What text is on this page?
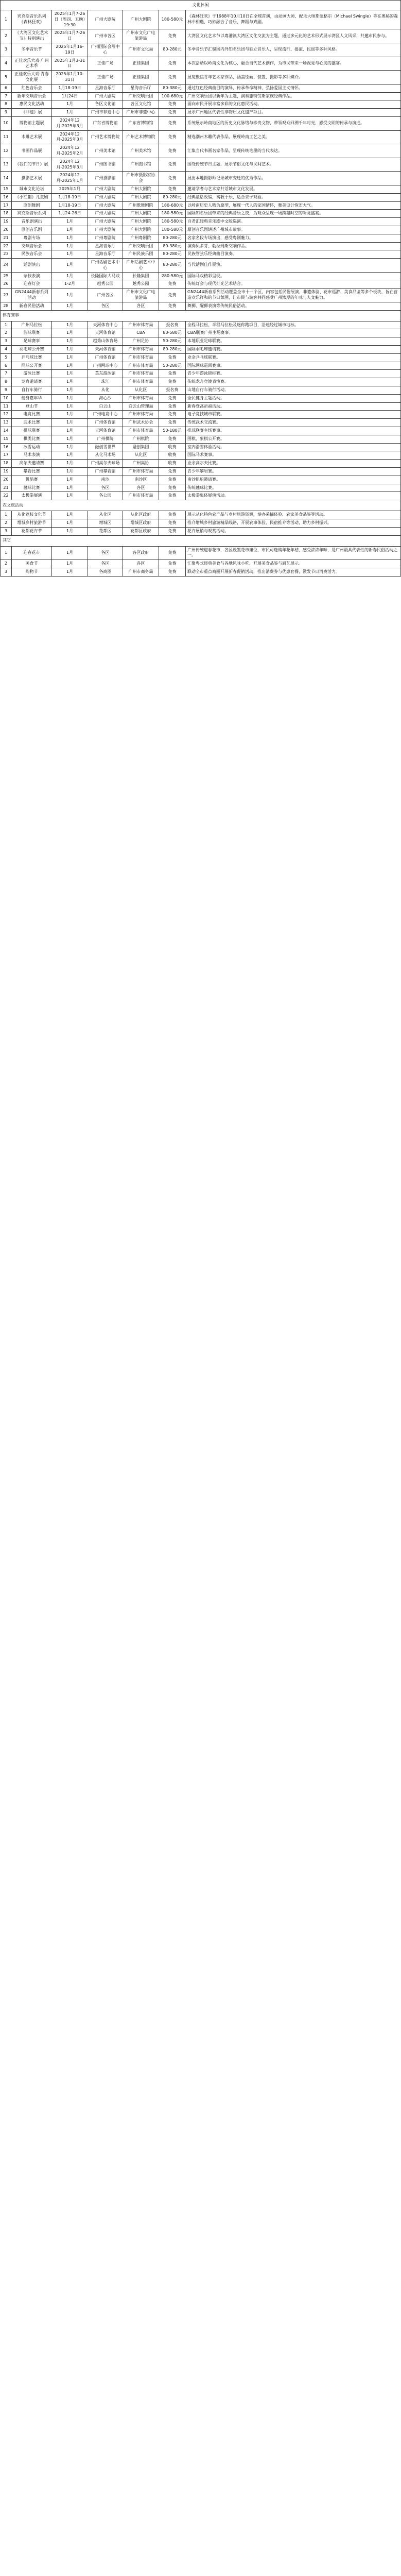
文化休闲						
1	宾克斯音乐系列《森林狂欢》	2025年1月7-26日（周四、五晚）19:30	广州大剧院	广州大剧院	180-580元	《森林狂欢》于1988年10月10日在全球首演，由动画大师、配乐大师斯温格尔（Michael Swingle）等在奥秘的森林中相遇，巧妙融合了音乐、舞蹈与戏剧。
2	《大湾区文化艺术节》特别演出	2025年1月7-26日	广州市各区	广州市文化广电旅游局	免费	大湾区文化艺术节以粤港澳大湾区文化交流为主题，通过多元化的艺术形式展示湾区人文风采，共邀市民参与。
3	冬季音乐节	2025年1月16-19日	广州国际会展中心	广州市文化局	80-280元	冬季音乐节汇聚国内外知名乐团与独立音乐人，呈现流行、摇滚、民谣等多种风格。
4	正佳欢乐大戏·广州艺术季	2025年1月3-31日	正佳广场	正佳集团	免费	本次活动以岭南文化为核心，融合当代艺术创作，为市民带来一场视觉与心灵的盛宴。
5	正佳欢乐大戏·青春文化展	2025年1月10-31日	正佳广场	正佳集团	免费	展览聚焦青年艺术家作品，涵盖绘画、装置、摄影等多种媒介。
6	红色音乐会	1月18-19日	星海音乐厅	星海音乐厅	80-380元	通过红色经典曲目的演绎，传承革命精神，弘扬爱国主义情怀。
7	新年交响音乐会	1月24日	广州大剧院	广州交响乐团	100-680元	广州交响乐团以新年为主题，演奏施特劳斯家族经典作品。
8	惠民文化活动	1月	各区文化馆	各区文化馆	免费	面向市民开展丰富多彩的文化惠民活动。
9	《非遗》展	1月	广州市非遗中心	广州市非遗中心	免费	展示广州地区代表性非物质文化遗产项目。
10	博物馆主题展	2024年12月-2025年3月	广东省博物馆	广东省博物馆	免费	系统展示岭南地区的历史文化脉络与珍贵文物，带领观众回溯千年时光，感受文明的传承与演进。
11	木雕艺术展	2024年12月-2025年3月	广州艺术博物院	广州艺术博物院	免费	精选潮州木雕代表作品，展现岭南工艺之美。
12	书画作品展	2024年12月-2025年2月	广州美术馆	广州美术馆	免费	汇集当代书画名家作品，呈现传统笔墨的当代表达。
13	《我们的节日》展	2024年12月-2025年3月	广州图书馆	广州图书馆	免费	围绕传统节日主题，展示节俗文化与民间艺术。
14	摄影艺术展	2024年12月-2025年1月	广州摄影馆	广州市摄影家协会	免费	展出本地摄影师记录城市变迁的优秀作品。
15	城市文化论坛	2025年1月	广州大剧院	广州大剧院	免费	邀请学者与艺术家共话城市文化发展。
16	《小红帽》儿童剧	1月18-19日	广州大剧院	广州大剧院	80-280元	经典童话改编，寓教于乐，适合亲子观看。
17	原创舞剧	1月18-19日	广州大剧院	广州歌舞剧院	180-680元	以岭南历史人物为原型，展现一代人的家国情怀，舞美设计恢宏大气。
18	宾克斯音乐系列	1月24-26日	广州大剧院	广州大剧院	180-580元	国际知名乐团带来的经典音乐之夜，为观众呈现一场跨越时空的听觉盛宴。
19	音乐剧演出	1月	广州大剧院	广州大剧院	180-580元	百老汇经典音乐剧中文版巡演。
20	原创音乐剧	1月	广州大剧院	广州大剧院	180-580元	原创音乐剧讲述广州城市故事。
21	粤剧专场	1月	广州粤剧院	广州粤剧院	80-280元	名家名段专场演出，感受粤剧魅力。
22	交响音乐会	1月	星海音乐厅	广州交响乐团	80-380元	演奏贝多芬、勃拉姆斯交响作品。
23	民族音乐会	1月	星海音乐厅	广州民族乐团	80-280元	民族管弦乐经典曲目演奏。
24	话剧演出	1月	广州话剧艺术中心	广州话剧艺术中心	80-280元	当代话剧佳作展演。
25	杂技表演	1月	长隆国际大马戏	长隆集团	280-580元	国际马戏精彩呈现。
26	迎春灯会	1-2月	越秀公园	越秀公园	免费	传统灯会与现代灯光艺术结合。
27	GN2444新春系列活动	1月	广州各区	广州市文化广电旅游局	免费	GN2444新春系列活动覆盖全市十一个区，内容包括民俗展演、非遗体验、花市巡游、美食品鉴等多个板块，旨在营造欢乐祥和的节日氛围，让市民与游客共同感受广州浓厚的年味与人文魅力。
28	新春民俗活动	1月	各区	各区	免费	舞狮、醒狮表演等传统民俗活动。
体育赛事						
1	广州马拉松	1月	天河体育中心	广州市体育局	报名费	全程马拉松、半程马拉松及迷你跑项目，沿途经过城市地标。
2	篮球联赛	1月	天河体育馆	CBA	80-580元	CBA联赛广州主场赛事。
3	足球赛事	1月	越秀山体育场	广州足协	50-280元	本地职业足球联赛。
4	羽毛球公开赛	1月	天河体育馆	广州市体育局	80-280元	国际羽毛球邀请赛。
5	乒乓球比赛	1月	广州体育馆	广州市体育局	免费	业余乒乓球联赛。
6	网球公开赛	1月	广州网球中心	广州市体育局	50-280元	国际网球巡回赛事。
7	游泳比赛	1月	英东游泳馆	广州市体育局	免费	青少年游泳锦标赛。
8	龙舟邀请赛	1月	珠江	广州市体育局	免费	传统龙舟竞渡表演赛。
9	自行车骑行	1月	从化	从化区	报名费	山地自行车骑行活动。
10	健身嘉年华	1月	海心沙	广州市体育局	免费	全民健身主题活动。
11	登山节	1月	白云山	白云山管理局	免费	新春登高祈福活动。
12	电竞比赛	1月	广州电竞中心	广州市体育局	免费	电子竞技城市联赛。
13	武术比赛	1月	广州体育馆	广州武术协会	免费	传统武术交流赛。
14	排球联赛	1月	天河体育馆	广州市体育局	50-180元	排球联赛主场赛事。
15	棋类比赛	1月	广州棋院	广州棋院	免费	围棋、象棋公开赛。
16	冰雪运动	1月	融创雪世界	融创集团	收费	室内滑雪体验活动。
17	马术表演	1月	从化马术场	从化区	收费	国际马术赛事。
18	高尔夫邀请赛	1月	广州高尔夫球场	广州高协	收费	业余高尔夫比赛。
19	攀岩比赛	1月	广州攀岩馆	广州市体育局	免费	青少年攀岩赛。
20	帆船赛	1月	南沙	南沙区	免费	南沙帆船邀请赛。
21	毽球比赛	1月	各区	各区	免费	传统毽球比赛。
22	太极拳展演	1月	各公园	广州市体育局	免费	太极拳集体展演活动。
农文旅活动						
1	从化荔枝文化节	1月	从化区	从化区政府	免费	展示从化特色农产品与乡村旅游资源，举办采摘体验、农家美食品鉴等活动。
2	增城乡村旅游节	1月	增城区	增城区政府	免费	推介增城乡村旅游精品线路，开展农事体验、民宿推介等活动，助力乡村振兴。
3	花都花卉节	1月	花都区	花都区政府	免费	花卉展销与观赏活动。
其它						
1	迎春花市	1月	各区	各区政府	免费	广州传统迎春花市，各区设置花市摊位，市民可选购年花年桔，感受浓浓年味，是广州最具代表性的新春民俗活动之一。
2	美食节	1月	各区	各区	免费	汇聚粤式经典美食与各地风味小吃，开展美食品鉴与厨艺展示。
3	购物节	1月	各商圈	广州市商务局	免费	联动全市重点商圈开展新春促销活动，推出消费券与优惠套餐，激发节日消费活力。
